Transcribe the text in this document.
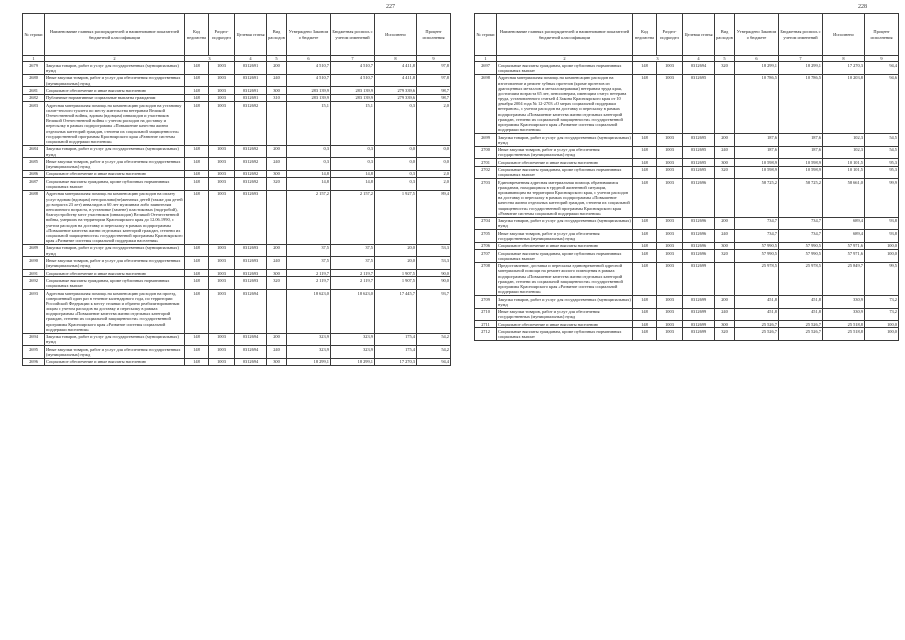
227
№ строки	Наименование главных распорядителей и наименование показателей бюджетной классификации	Код ведомства	Раздел-подраздел	Целевая статья	Вид расходов	Утверждено Законом о бюджете	Бюджетная роспись с учетом изменений	Исполнено	Процент исполнения
1	2	3		4	5	6	7	8	9
2679	Закупка товаров, работ и услуг для государственных (муниципальных) нужд	148	1003	0312691	200	4 510,7	4 510,7	4 411,8	97,8
2680	Иные закупки товаров, работ и услуг для обеспечения государственных (муниципальных) нужд	148	1003	0312691	240	4 510,7	4 510,7	4 411,8	97,8
2681	Социальное обеспечение и иные выплаты населению	148	1003	0312691	300	283 139,9	283 139,9	279 339,6	98,7
2682	Публичные нормативные социальные выплаты гражданам	148	1003	0312691	310	283 139,9	283 139,9	279 339,6	98,7
2683	Адресная материальная помощь на компенсацию расходов на установку сплит-теплого туалета по месту жительства ветеранам Великой Отечественной войны, вдовам (вдовцам) инвалидов и участников Великой Отечественной войны с учетом расходов на доставку и пересылку в рамках подпрограммы «Повышение качества жизни отдельных категорий граждан, степени их социальной защищенности» государственной программы Красноярского края «Развитие системы социальной поддержки населения»	148	1003	0312692		15,1	15,1	0,3	2,0
2684	Закупка товаров, работ и услуг для государственных (муниципальных) нужд	148	1003	0312692	200	0,3	0,3	0,0	0,0
2685	Иные закупки товаров, работ и услуг для обеспечения государственных (муниципальных) нужд	148	1003	0312692	240	0,3	0,3	0,0	0,0
2686	Социальное обеспечение и иные выплаты населению	148	1003	0312692	300	14,8	14,8	0,3	2,0
2687	Социальные выплаты гражданам, кроме публичных нормативных социальных выплат	148	1003	0312692	320	14,8	14,8	0,3	2,0
2688	Адресная материальная помощь на компенсацию расходов на оплату услуг вдовам (вдовцам) неторопливо(не)женатых детей (также для детей до возраста 23 лет) инвалидов и 60 лет мужчинам либо заявителям пенсионного возраста, в установке (замене) пластиковых (надгробий), благоустройству мест участников (инвалидов) Великой Отечественной войны, умерших на территории Красноярского края до 12.06.1990, с учетом расходов на доставку и пересылку в рамках подпрограммы «Повышение качества жизни отдельных категорий граждан, степени их социальной защищенности» государственной программы Красноярского края «Развитие системы социальной поддержки населения»	148	1003	0312693		2 157,2	2 157,2	1 927,5	89,4
2689	Закупка товаров, работ и услуг для государственных (муниципальных) нужд	148	1003	0312693	200	37,5	37,5	20,0	53,3
2690	Иные закупки товаров, работ и услуг для обеспечения государственных (муниципальных) нужд	148	1003	0312693	240	37,5	37,5	20,0	53,3
2691	Социальное обеспечение и иные выплаты населению	148	1003	0312693	300	2 119,7	2 119,7	1 907,5	90,0
2692	Социальные выплаты гражданам, кроме публичных нормативных социальных выплат	148	1003	0312693	320	2 119,7	2 119,7	1 907,5	90,0
2693	Адресная материальная помощь на компенсацию расходов на проезд, совершенный один раз в течение календарного года, по территории Российской Федерации к месту стоянки и обратно реабилитированным лицам с учетом расходов на доставку и пересылку в рамках подпрограммы «Повышение качества жизни отдельных категорий граждан, степени их социальной защищенности» государственной программы Красноярского края «Развитие системы социальной поддержки населения»	148	1003	0312694		18 623,0	18 623,0	17 445,7	93,7
2694	Закупка товаров, работ и услуг для государственных (муниципальных) нужд	148	1003	0312694	200	323,9	323,9	175,4	54,2
2695	Иные закупки товаров, работ и услуг для обеспечения государственных (муниципальных) нужд	148	1003	0312694	240	323,9	323,9	175,4	54,2
2696	Социальное обеспечение и иные выплаты населению	148	1003	0312694	300	18 299,1	18 299,1	17 270,3	94,4
228
№ строки	Наименование главных распорядителей и наименование показателей бюджетной классификации	Код ведомства	Раздел-подраздел	Целевая статья	Вид расходов	Утверждено Законом о бюджете	Бюджетная роспись с учетом изменений	Исполнено	Процент исполнения
1	2	3		4	5	6	7	8	9
2697	Социальные выплаты гражданам, кроме публичных нормативных социальных выплат	148	1003	0312694	320	18 299,1	18 299,1	17 270,3	94,4
2698	Адресная материальная помощь на компенсацию расходов на изготовление и ремонт зубных протезов (кроме протезов из драгоценных металлов и металлокерамики) ветеранам труда края, достигшим возраста 65 лет, пенсионерам, имеющим статус ветерана труда, установленного статьей 4 Закона Красноярского края от 10 декабря 2004 года № 12-2703 «О мерах социальной поддержки ветеранов», с учетом расходов на доставку и пересылку в рамках подпрограммы «Повышение качества жизни отдельных категорий граждан, степени их социальной защищенности» государственной программы Красноярского края «Развитие системы социальной поддержки населения»	148	1003	0312695		10 786,5	10 786,5	10 203,8	94,6
2699	Закупка товаров, работ и услуг для государственных (муниципальных) нужд	148	1003	0312695	200	187,6	187,6	102,3	54,5
2700	Иные закупки товаров, работ и услуг для обеспечения государственных (муниципальных) нужд	148	1003	0312695	240	187,6	187,6	102,3	54,5
2701	Социальное обеспечение и иные выплаты населению	148	1003	0312695	300	10 598,9	10 598,9	10 101,5	95,3
2702	Социальные выплаты гражданам, кроме публичных нормативных социальных выплат	148	1003	0312695	320	10 598,9	10 598,9	10 101,5	95,3
2703	Единовременная адресная материальная помощь обратившимся гражданам, находящимся в трудной жизненной ситуации, проживающим на территории Красноярского края, с учетом расходов на доставку и пересылку в рамках подпрограммы «Повышение качества жизни отдельных категорий граждан, степени их социальной защищенности» государственной программы Красноярского края «Развитие системы социальной поддержки населения»	148	1003	0312696		58 725,2	58 725,2	58 661,0	99,9
2704	Закупка товаров, работ и услуг для государственных (муниципальных) нужд	148	1003	0312696	200	734,7	734,7	689,4	93,8
2705	Иные закупки товаров, работ и услуг для обеспечения государственных (муниципальных) нужд	148	1003	0312696	240	734,7	734,7	689,4	93,8
2706	Социальное обеспечение и иные выплаты населению	148	1003	0312696	300	57 990,5	57 990,5	57 971,6	100,0
2707	Социальные выплаты гражданам, кроме публичных нормативных социальных выплат	148	1003	0312696	320	57 990,5	57 990,5	57 971,6	100,0
2708	Предоставление, доставка и пересылка единовременной адресной материальной помощи на ремонт жилого помещения в рамках подпрограммы «Повышение качества жизни отдельных категорий граждан, степени их социальной защищенности» государственной программы Красноярского края «Развитие системы социальной поддержки населения»	148	1003	0312699		25 978,5	25 978,5	25 849,7	99,5
2709	Закупка товаров, работ и услуг для государственных (муниципальных) нужд	148	1003	0312699	200	451,8	451,8	330,9	73,2
2710	Иные закупки товаров, работ и услуг для обеспечения государственных (муниципальных) нужд	148	1003	0312699	240	451,8	451,8	330,9	73,2
2711	Социальное обеспечение и иные выплаты населению	148	1003	0312699	300	25 526,7	25 526,7	25 518,8	100,0
2712	Социальные выплаты гражданам, кроме публичных нормативных социальных выплат	148	1003	0312699	320	25 526,7	25 526,7	25 518,8	100,0
